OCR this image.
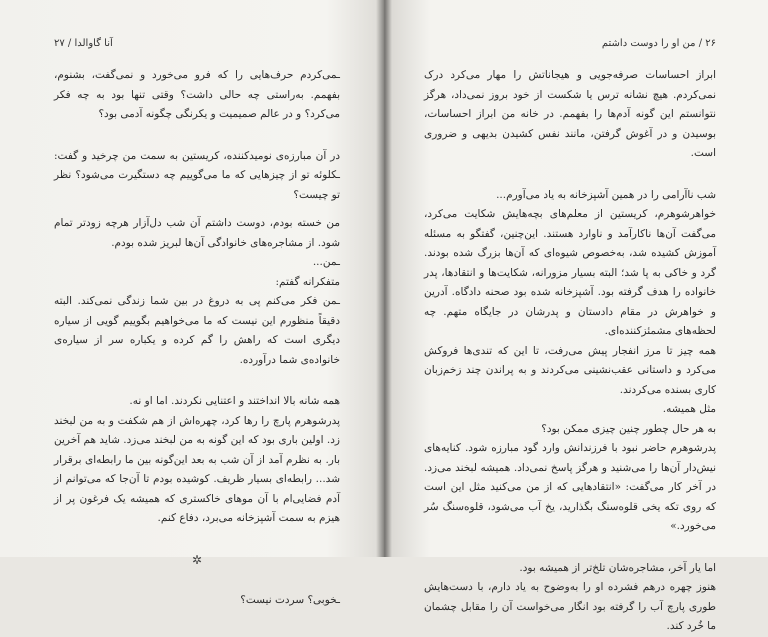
آنا گاوالدا / ۲۷

ـمی‌کردم حرف‌هایی را که فرو می‌خورد و نمی‌گفت، بشنوم، بفهمم. به‌راستی چه حالی داشت؟ وقتی تنها بود به چه فکر می‌کرد؟ و در عالم صمیمیت و یکرنگی چگونه آدمی بود؟

در آن مبارزه‌ی نومیدکننده، کریستین به سمت من چرخید و گفت: ـکلوئه تو از چیزهایی که ما می‌گوییم چه دستگیرت می‌شود؟ نظر تو چیست؟

من خسته بودم، دوست داشتم آن شب دل‌آزار هرچه زودتر تمام شود. از مشاجره‌های خانوادگی آن‌ها لبریز شده بودم.

ـمن...

متفکرانه گفتم:

ـمن فکر می‌کنم پی به دروغ در بین شما زندگی نمی‌کند. البته دقیقاً منظورم این نیست که ما می‌خواهیم بگوییم گویی از سیاره دیگری است که راهش را گم کرده و یکباره سر از سیاره‌ی خانواده‌ی شما درآورده.

همه شانه بالا انداختند و اعتنایی نکردند. اما او نه.

پدرشوهرم پارچ را رها کرد، چهره‌اش از هم شکفت و به من لبخند زد. اولین باری بود که این گونه به من لبخند می‌زد. شاید هم آخرین بار. به نظرم آمد از آن شب به بعد این‌گونه بین ما رابطه‌ای برقرار شد... رابطه‌ای بسیار ظریف. کوشیده بودم تا آن‌جا که می‌توانم از آدم فضایی‌ام با آن موهای خاکستری که همیشه یک فرغون پر از هیزم به سمت آشپزخانه می‌برد، دفاع کنم.

✲

ـخوبی؟ سردت نیست؟

۲۶ / من او را دوست داشتم

ابراز احساسات صرفه‌جویی و هیجاناتش را مهار می‌کرد درک نمی‌کردم. هیچ نشانه ترس یا شکست از خود بروز نمی‌داد، هرگز نتوانستم این گونه آدم‌ها را بفهمم. در خانه من ابراز احساسات، بوسیدن و در آغوش گرفتن، مانند نفس کشیدن بدیهی و ضروری است.

شب ناآرامی را در همین آشپزخانه به یاد می‌آورم...

خواهرشوهرم، کریستین از معلم‌های بچه‌هایش شکایت می‌کرد، می‌گفت آن‌ها ناکارآمد و ناوارد هستند. این‌چنین، گفتگو به مسئله آموزش کشیده شد، به‌خصوص شیوه‌ای که آن‌ها بزرگ شده بودند. گرد و خاکی به پا شد؛ البته بسیار مزورانه، شکایت‌ها و انتقادها، پدر خانواده را هدف گرفته بود. آشپزخانه شده بود صحنه دادگاه. آدرین و خواهرش در مقام دادستان و پدرشان در جایگاه متهم. چه لحظه‌های مشمئزکننده‌ای.

همه چیز تا مرز انفجار پیش می‌رفت، تا این که تندی‌ها فروکش می‌کرد و داستانی عقب‌نشینی می‌کردند و به پراندن چند زخم‌زبان کاری بسنده می‌کردند.

مثل همیشه.

به هر حال چطور چنین چیزی ممکن بود؟

پدرشوهرم حاضر نبود با فرزندانش وارد گود مبارزه شود. کنایه‌های نیش‌دار آن‌ها را می‌شنید و هرگز پاسخ نمی‌داد. همیشه لبخند می‌زد. در آخر کار می‌گفت: «انتقادهایی که از من می‌کنید مثل این است که روی تکه یخی قلوه‌سنگ بگذارید، یخ آب می‌شود، قلوه‌سنگ سُر می‌خورد.»

اما یار آخر، مشاجره‌شان تلخ‌تر از همیشه بود.

هنوز چهره درهم فشرده او را به‌وضوح به یاد دارم، با دست‌هایش طوری پارچ آب را گرفته بود انگار می‌خواست آن را مقابل چشمان ما خُرد کند.
